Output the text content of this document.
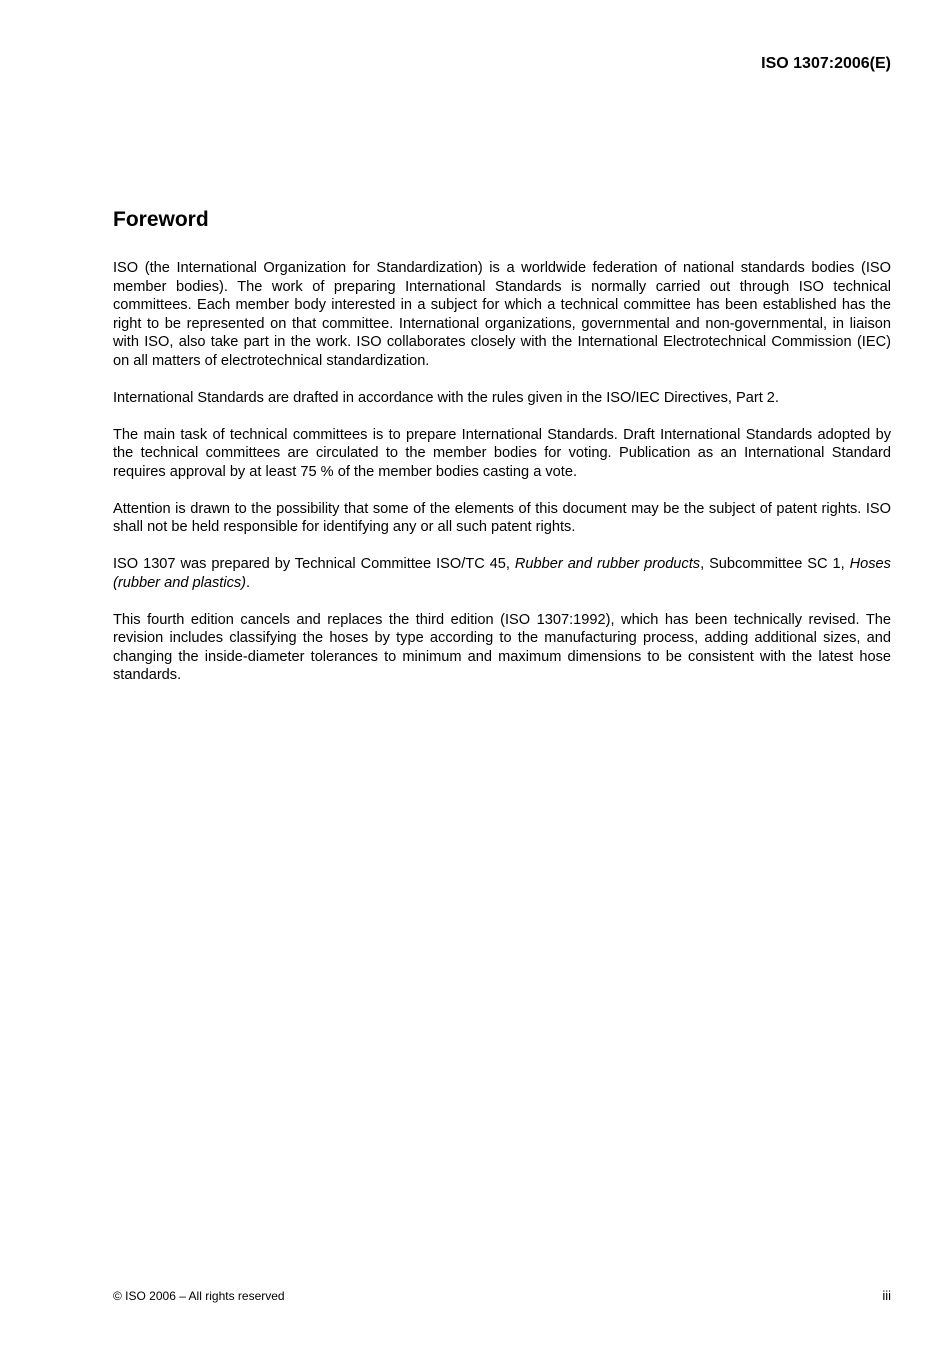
ISO 1307:2006(E)

Foreword

ISO (the International Organization for Standardization) is a worldwide federation of national standards bodies (ISO member bodies). The work of preparing International Standards is normally carried out through ISO technical committees. Each member body interested in a subject for which a technical committee has been established has the right to be represented on that committee. International organizations, governmental and non-governmental, in liaison with ISO, also take part in the work. ISO collaborates closely with the International Electrotechnical Commission (IEC) on all matters of electrotechnical standardization.

International Standards are drafted in accordance with the rules given in the ISO/IEC Directives, Part 2.

The main task of technical committees is to prepare International Standards. Draft International Standards adopted by the technical committees are circulated to the member bodies for voting. Publication as an International Standard requires approval by at least 75 % of the member bodies casting a vote.

Attention is drawn to the possibility that some of the elements of this document may be the subject of patent rights. ISO shall not be held responsible for identifying any or all such patent rights.

ISO 1307 was prepared by Technical Committee ISO/TC 45, Rubber and rubber products, Subcommittee SC 1, Hoses (rubber and plastics).

This fourth edition cancels and replaces the third edition (ISO 1307:1992), which has been technically revised. The revision includes classifying the hoses by type according to the manufacturing process, adding additional sizes, and changing the inside-diameter tolerances to minimum and maximum dimensions to be consistent with the latest hose standards.

© ISO 2006 – All rights reserved	iii
